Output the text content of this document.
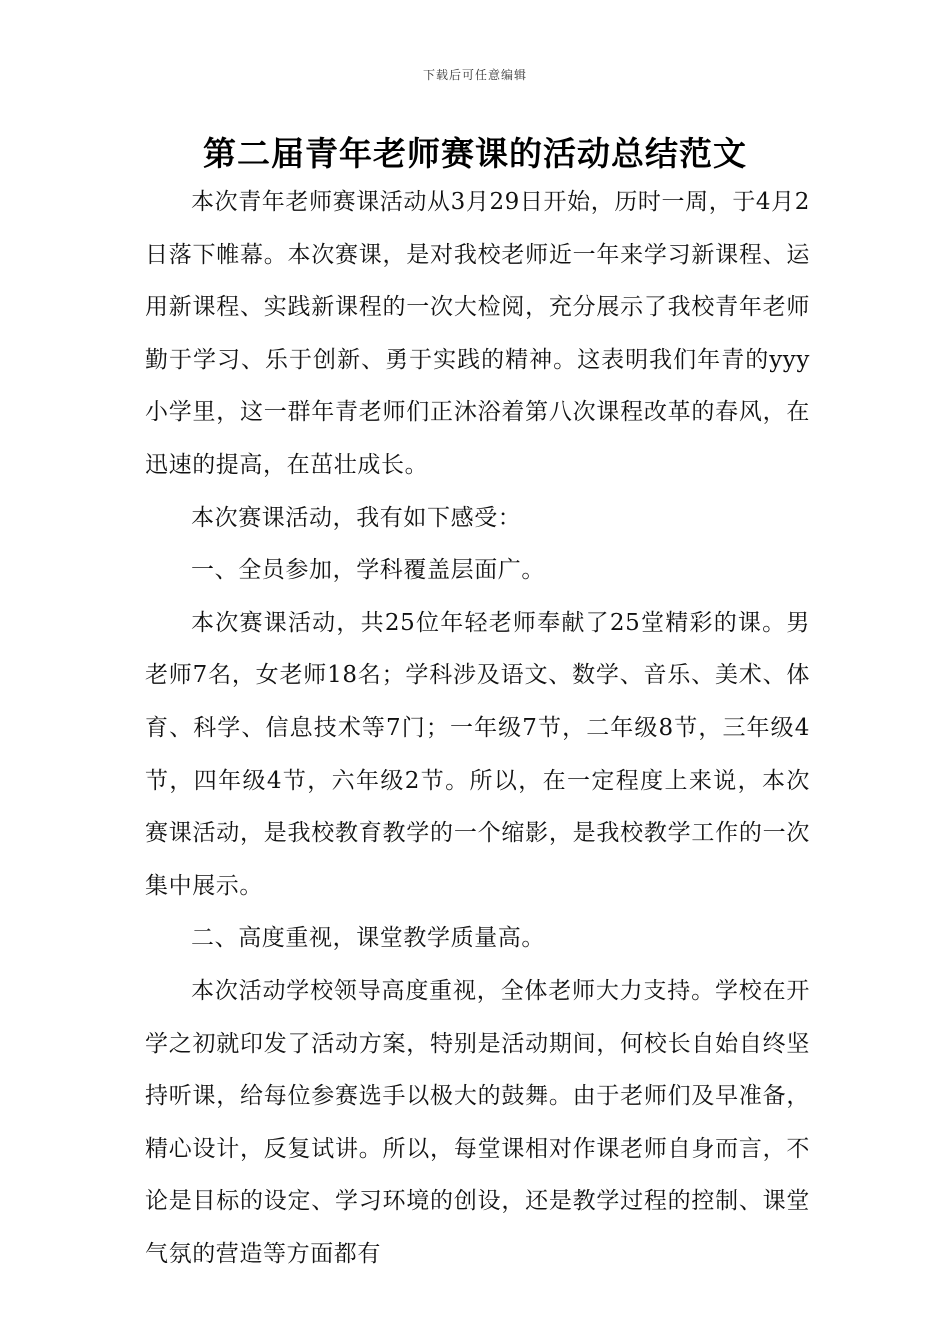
下载后可任意编辑
第二届青年老师赛课的活动总结范文

本次青年老师赛课活动从3月29日开始，历时一周，于4月2日落下帷幕。本次赛课，是对我校老师近一年来学习新课程、运用新课程、实践新课程的一次大检阅，充分展示了我校青年老师勤于学习、乐于创新、勇于实践的精神。这表明我们年青的yyy小学里，这一群年青老师们正沐浴着第八次课程改革的春风，在迅速的提高，在茁壮成长。

本次赛课活动，我有如下感受：

一、全员参加，学科覆盖层面广。

本次赛课活动，共25位年轻老师奉献了25堂精彩的课。男老师7名，女老师18名；学科涉及语文、数学、音乐、美术、体育、科学、信息技术等7门；一年级7节，二年级8节，三年级4节，四年级4节，六年级2节。所以，在一定程度上来说，本次赛课活动，是我校教育教学的一个缩影，是我校教学工作的一次集中展示。

二、高度重视，课堂教学质量高。

本次活动学校领导高度重视，全体老师大力支持。学校在开学之初就印发了活动方案，特别是活动期间，何校长自始自终坚持听课，给每位参赛选手以极大的鼓舞。由于老师们及早准备，精心设计，反复试讲。所以，每堂课相对作课老师自身而言，不论是目标的设定、学习环境的创设，还是教学过程的控制、课堂气氛的营造等方面都有
